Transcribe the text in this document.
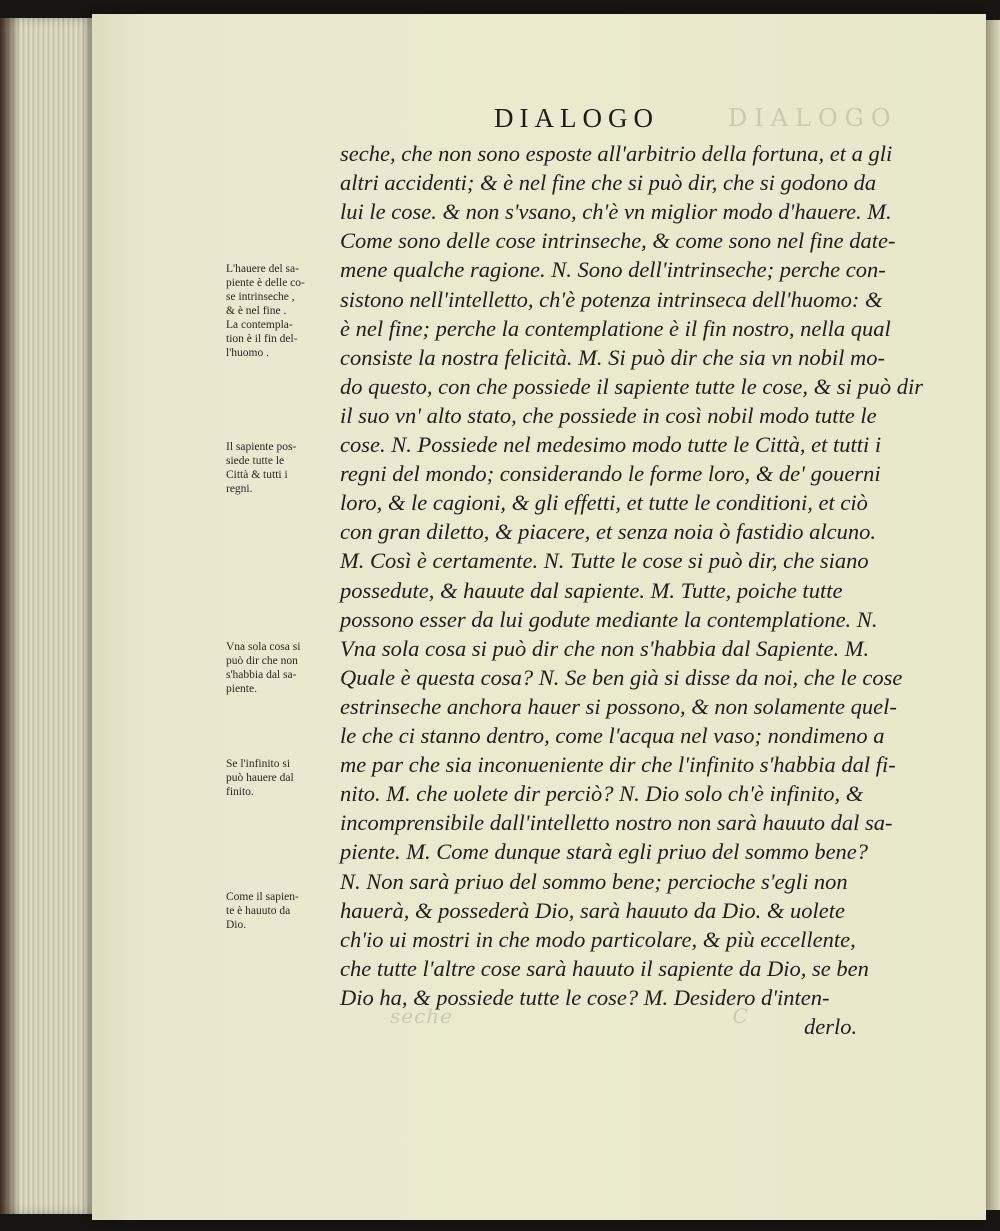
DIALOGO
seche	C
DIALOGO
seche, che non sono esposte all'arbitrio della fortuna, et a gli
altri accidenti; & è nel fine che si può dir, che si godono da
lui le cose. & non s'vsano, ch'è vn miglior modo d'hauere. M.
Come sono delle cose intrinseche, & come sono nel fine date-
mene qualche ragione. N. Sono dell'intrinseche; perche con-
sistono nell'intelletto, ch'è potenza intrinseca dell'huomo: &
è nel fine; perche la contemplatione è il fin nostro, nella qual
consiste la nostra felicità. M. Si può dir che sia vn nobil mo-
do questo, con che possiede il sapiente tutte le cose, & si può dir
il suo vn' alto stato, che possiede in così nobil modo tutte le
cose. N. Possiede nel medesimo modo tutte le Città, et tutti i
regni del mondo; considerando le forme loro, & de' gouerni
loro, & le cagioni, & gli effetti, et tutte le conditioni, et ciò
con gran diletto, & piacere, et senza noia ò fastidio alcuno.
M. Così è certamente. N. Tutte le cose si può dir, che siano
possedute, & hauute dal sapiente. M. Tutte, poiche tutte
possono esser da lui godute mediante la contemplatione. N.
Vna sola cosa si può dir che non s'habbia dal Sapiente. M.
Quale è questa cosa? N. Se ben già si disse da noi, che le cose
estrinseche anchora hauer si possono, & non solamente quel-
le che ci stanno dentro, come l'acqua nel vaso; nondimeno a
me par che sia inconueniente dir che l'infinito s'habbia dal fi-
nito. M. che uolete dir perciò? N. Dio solo ch'è infinito, &
incomprensibile dall'intelletto nostro non sarà hauuto dal sa-
piente. M. Come dunque starà egli priuo del sommo bene?
N. Non sarà priuo del sommo bene; percioche s'egli non
hauerà, & possederà Dio, sarà hauuto da Dio. & uolete
ch'io ui mostri in che modo particolare, & più eccellente,
che tutte l'altre cose sarà hauuto il sapiente da Dio, se ben
Dio ha, & possiede tutte le cose? M. Desidero d'inten-
derlo.
L'hauere del sa-
piente è delle co-
se intrinseche ,
& è nel fine .
La contempla-
tion è il fin del-
l'huomo .
Il sapiente pos-
siede tutte le
Città & tutti i
regni.
Vna sola cosa si
può dir che non
s'habbia dal sa-
piente.
Se l'infinito si
può hauere dal
finito.
Come il sapien-
te è hauuto da
Dio.
